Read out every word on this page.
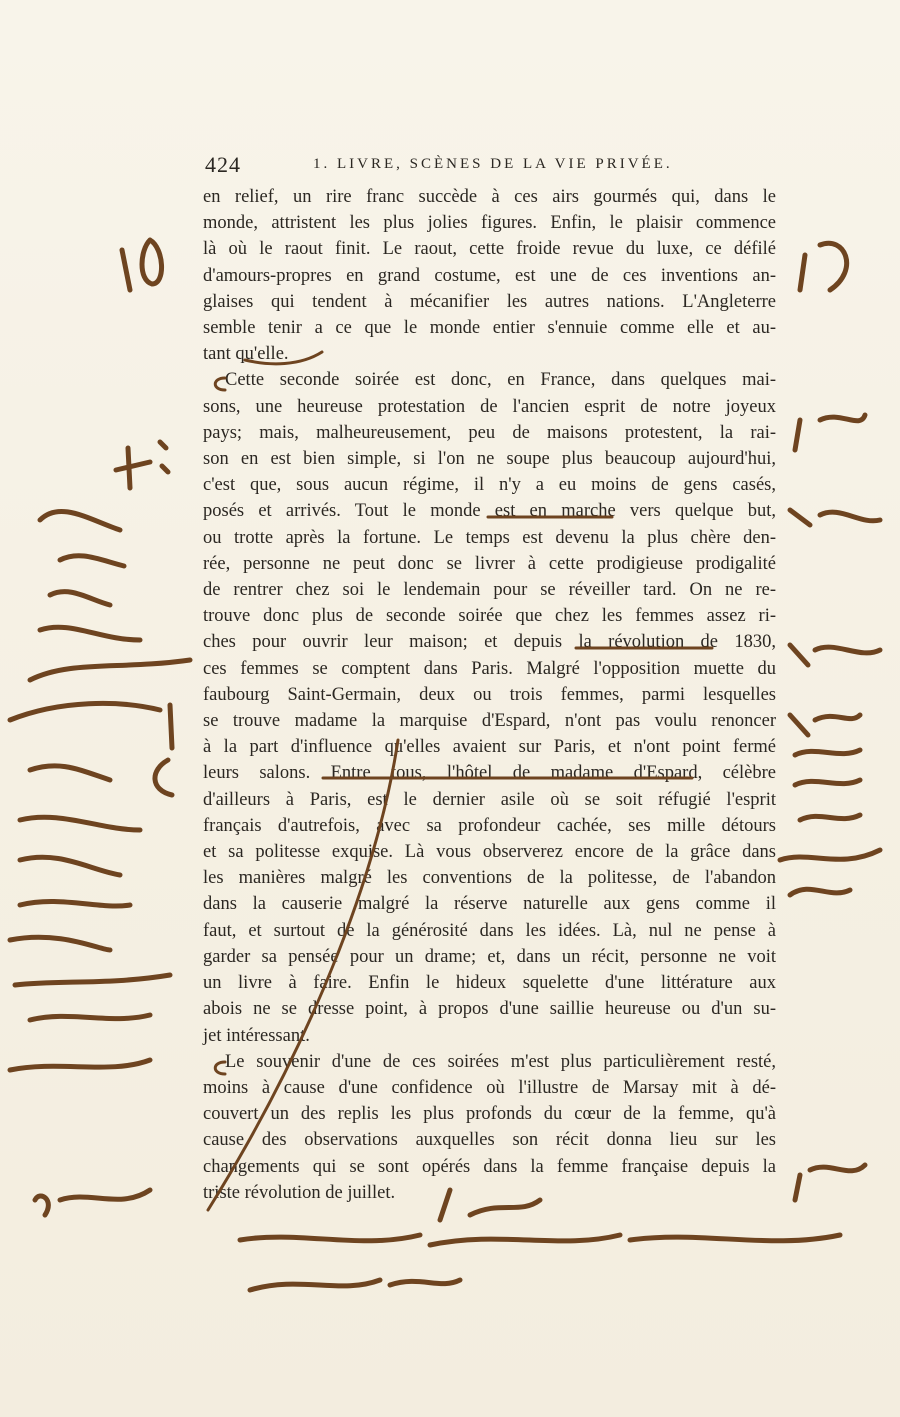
424	1. LIVRE, SCÈNES DE LA VIE PRIVÉE.
en relief, un rire franc succède à ces airs gourmés qui, dans le
monde, attristent les plus jolies figures. Enfin, le plaisir commence
là où le raout finit. Le raout, cette froide revue du luxe, ce défilé
d'amours-propres en grand costume, est une de ces inventions an-
glaises qui tendent à mécanifier les autres nations. L'Angleterre
semble tenir a ce que le monde entier s'ennuie comme elle et au-
tant qu'elle.
Cette seconde soirée est donc, en France, dans quelques mai-
sons, une heureuse protestation de l'ancien esprit de notre joyeux
pays; mais, malheureusement, peu de maisons protestent, la rai-
son en est bien simple, si l'on ne soupe plus beaucoup aujourd'hui,
c'est que, sous aucun régime, il n'y a eu moins de gens casés,
posés et arrivés. Tout le monde est en marche vers quelque but,
ou trotte après la fortune. Le temps est devenu la plus chère den-
rée, personne ne peut donc se livrer à cette prodigieuse prodigalité
de rentrer chez soi le lendemain pour se réveiller tard. On ne re-
trouve donc plus de seconde soirée que chez les femmes assez ri-
ches pour ouvrir leur maison; et depuis la révolution de 1830,
ces femmes se comptent dans Paris. Malgré l'opposition muette du
faubourg Saint-Germain, deux ou trois femmes, parmi lesquelles
se trouve madame la marquise d'Espard, n'ont pas voulu renoncer
à la part d'influence qu'elles avaient sur Paris, et n'ont point fermé
leurs salons. Entre tous, l'hôtel de madame d'Espard, célèbre
d'ailleurs à Paris, est le dernier asile où se soit réfugié l'esprit
français d'autrefois, avec sa profondeur cachée, ses mille détours
et sa politesse exquise. Là vous observerez encore de la grâce dans
les manières malgré les conventions de la politesse, de l'abandon
dans la causerie malgré la réserve naturelle aux gens comme il
faut, et surtout de la générosité dans les idées. Là, nul ne pense à
garder sa pensée pour un drame; et, dans un récit, personne ne voit
un livre à faire. Enfin le hideux squelette d'une littérature aux
abois ne se dresse point, à propos d'une saillie heureuse ou d'un su-
jet intéressant.
Le souvenir d'une de ces soirées m'est plus particulièrement resté,
moins à cause d'une confidence où l'illustre de Marsay mit à dé-
couvert un des replis les plus profonds du cœur de la femme, qu'à
cause des observations auxquelles son récit donna lieu sur les
changements qui se sont opérés dans la femme française depuis la
triste révolution de juillet.
